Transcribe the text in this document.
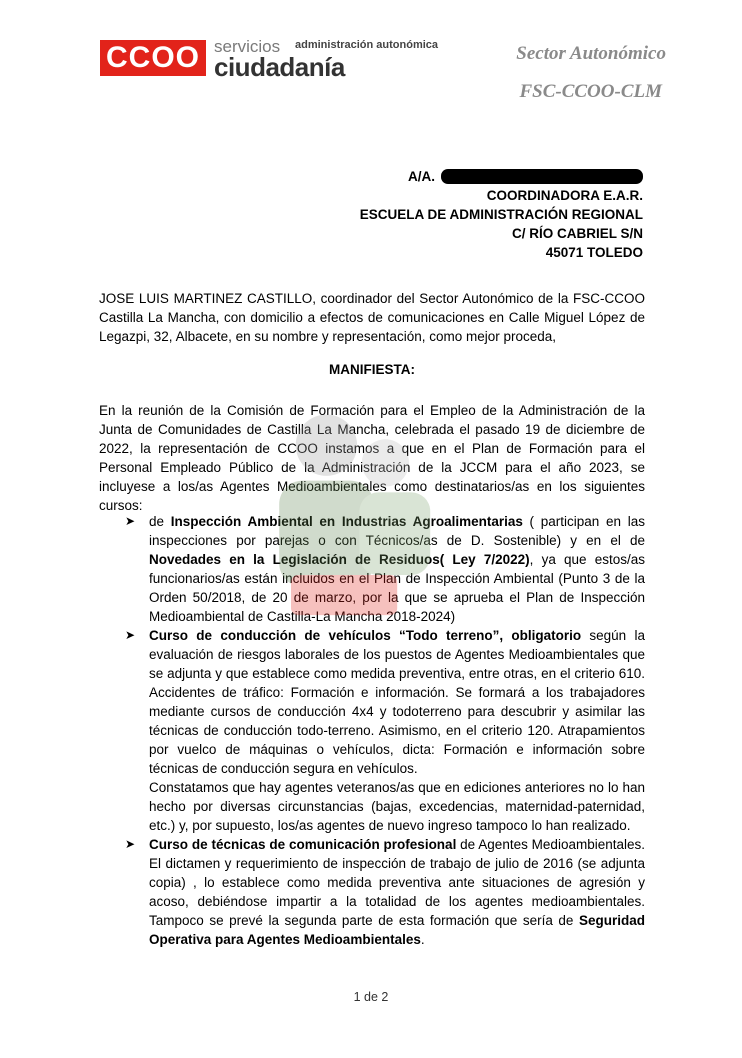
CCOO servicios administración autonómica
ciudadanía	Sector Autonómico
FSC-CCOO-CLM
A/A.
COORDINADORA E.A.R.
ESCUELA DE ADMINISTRACIÓN REGIONAL
C/ RÍO CABRIEL S/N
45071 TOLEDO

JOSE LUIS MARTINEZ CASTILLO, coordinador del Sector Autonómico de la FSC-CCOO Castilla La Mancha, con domicilio a efectos de comunicaciones en Calle Miguel López de Legazpi, 32, Albacete, en su nombre y representación, como mejor proceda,

MANIFIESTA:

En la reunión de la Comisión de Formación para el Empleo de la Administración de la Junta de Comunidades de Castilla La Mancha, celebrada el pasado 19 de diciembre de 2022, la representación de CCOO instamos a que en el Plan de Formación para el Personal Empleado Público de la Administración de la JCCM para el año 2023, se incluyese a los/as Agentes Medioambientales como destinatarios/as en los siguientes cursos:

➤	de Inspección Ambiental en Industrias Agroalimentarias ( participan en las inspecciones por parejas o con Técnicos/as de D. Sostenible) y en el de Novedades en la Legislación de Residuos( Ley 7/2022), ya que estos/as funcionarios/as están incluidos en el Plan de Inspección Ambiental (Punto 3 de la Orden 50/2018, de 20 de marzo, por la que se aprueba el Plan de Inspección Medioambiental de Castilla-La Mancha 2018-2024)

➤	Curso de conducción de vehículos “Todo terreno”, obligatorio según la evaluación de riesgos laborales de los puestos de Agentes Medioambientales que se adjunta y que establece como medida preventiva, entre otras, en el criterio 610. Accidentes de tráfico: Formación e información. Se formará a los trabajadores mediante cursos de conducción 4x4 y todoterreno para descubrir y asimilar las técnicas de conducción todo-terreno. Asimismo, en el criterio 120. Atrapamientos por vuelco de máquinas o vehículos, dicta: Formación e información sobre técnicas de conducción segura en vehículos.

Constatamos que hay agentes veteranos/as que en ediciones anteriores no lo han hecho por diversas circunstancias (bajas, excedencias, maternidad-paternidad, etc.) y, por supuesto, los/as agentes de nuevo ingreso tampoco lo han realizado.

➤	Curso de técnicas de comunicación profesional de Agentes Medioambientales. El dictamen y requerimiento de inspección de trabajo de julio de 2016 (se adjunta copia) , lo establece como medida preventiva ante situaciones de agresión y acoso, debiéndose impartir a la totalidad de los agentes medioambientales. Tampoco se prevé la segunda parte de esta formación que sería de Seguridad Operativa para Agentes Medioambientales.

1 de 2
